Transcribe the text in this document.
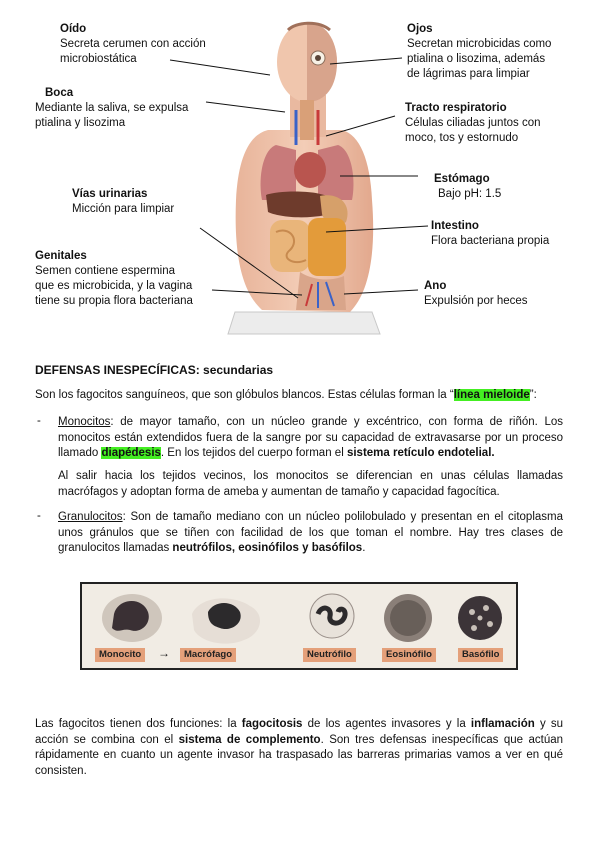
Oído
Secreta cerumen con acción
microbiostática
Ojos
Secretan microbicidas como
ptialina o lisozima, además
de lágrimas para limpiar
Boca
Mediante la saliva, se expulsa
ptialina y lisozima
Tracto respiratorio
Células ciliadas juntos con
moco, tos y estornudo
Estómago
Bajo pH: 1.5
Vías urinarias
Micción para limpiar
Intestino
Flora bacteriana propia
Genitales
Semen contiene espermina
que es microbicida, y la vagina
tiene su propia flora bacteriana
Ano
Expulsión por heces
DEFENSAS INESPECÍFICAS: secundarias
Son los fagocitos sanguíneos, que son glóbulos blancos. Estas células forman la “línea mieloide”:
- Monocitos: de mayor tamaño, con un núcleo grande y excéntrico, con forma de riñón. Los monocitos están extendidos fuera de la sangre por su capacidad de extravasarse por un proceso llamado diapédesis. En los tejidos del cuerpo forman el sistema retículo endotelial.
Al salir hacia los tejidos vecinos, los monocitos se diferencian en unas células llamadas macrófagos y adoptan forma de ameba y aumentan de tamaño y capacidad fagocítica.
- Granulocitos: Son de tamaño mediano con un núcleo polilobulado y presentan en el citoplasma unos gránulos que se tiñen con facilidad de los que toman el nombre. Hay tres clases de granulocitos llamadas neutrófilos, eosinófilos y basófilos.
Monocito	→	Macrófago	Neutrófilo	Eosinófilo	Basófilo
Las fagocitos tienen dos funciones: la fagocitosis de los agentes invasores y la inflamación y su acción se combina con el sistema de complemento. Son tres defensas inespecíficas que actúan rápidamente en cuanto un agente invasor ha traspasado las barreras primarias vamos a ver en qué consisten.
